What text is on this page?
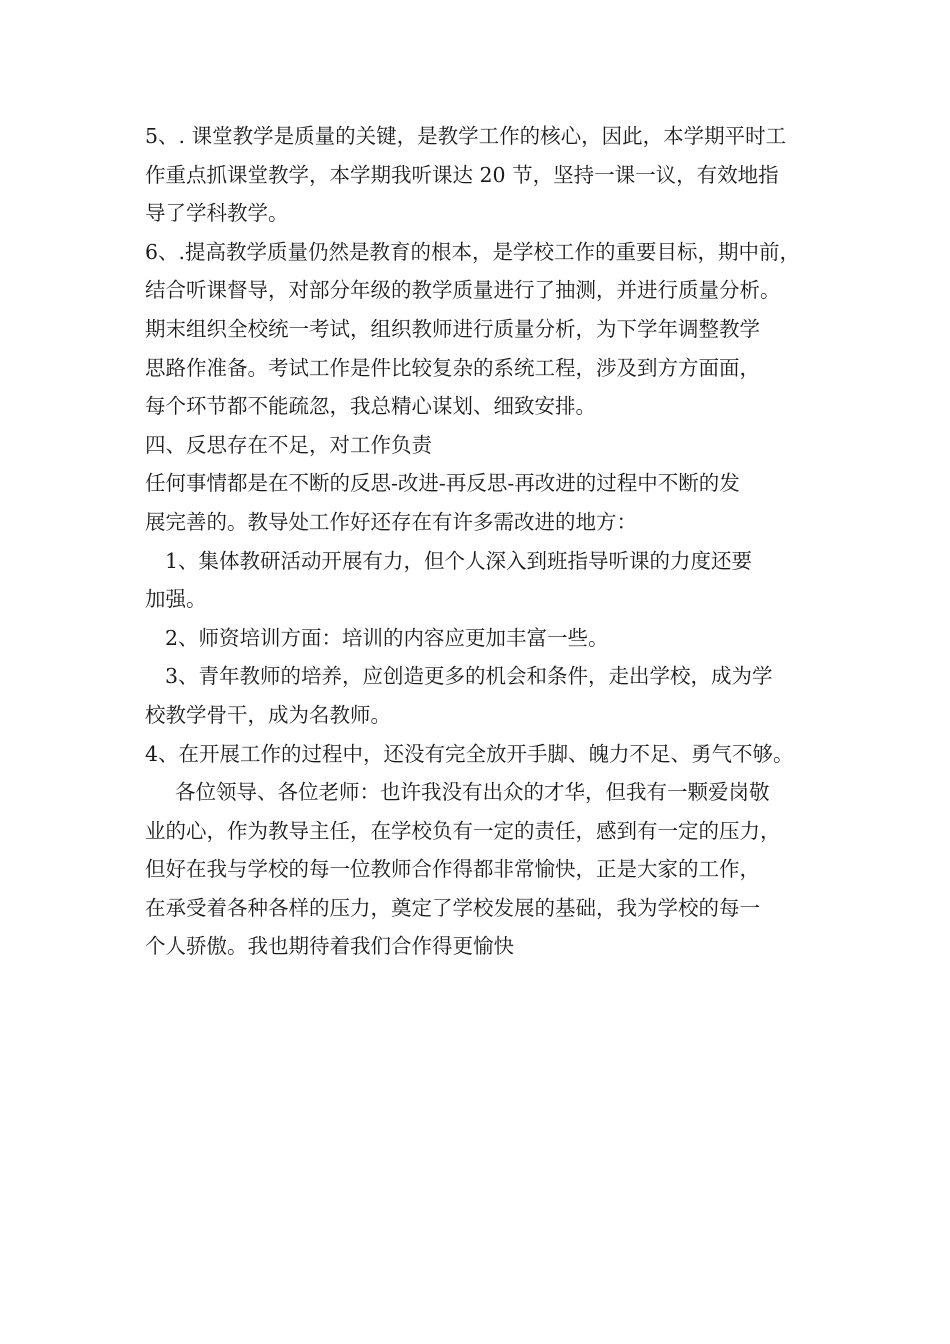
5、. 课堂教学是质量的关键，是教学工作的核心，因此，本学期平时工
作重点抓课堂教学，本学期我听课达 20 节，坚持一课一议，有效地指
导了学科教学。
6、.提高教学质量仍然是教育的根本，是学校工作的重要目标，期中前，
结合听课督导，对部分年级的教学质量进行了抽测，并进行质量分析。
期末组织全校统一考试，组织教师进行质量分析，为下学年调整教学
思路作准备。考试工作是件比较复杂的系统工程，涉及到方方面面，
每个环节都不能疏忽，我总精心谋划、细致安排。
四、反思存在不足，对工作负责
任何事情都是在不断的反思-改进-再反思-再改进的过程中不断的发
展完善的。教导处工作好还存在有许多需改进的地方：
1、集体教研活动开展有力，但个人深入到班指导听课的力度还要
加强。
2、师资培训方面：培训的内容应更加丰富一些。
3、青年教师的培养，应创造更多的机会和条件，走出学校，成为学
校教学骨干，成为名教师。
4、在开展工作的过程中，还没有完全放开手脚、魄力不足、勇气不够。
各位领导、各位老师：也许我没有出众的才华，但我有一颗爱岗敬
业的心，作为教导主任，在学校负有一定的责任，感到有一定的压力，
但好在我与学校的每一位教师合作得都非常愉快，正是大家的工作，
在承受着各种各样的压力，奠定了学校发展的基础，我为学校的每一
个人骄傲。我也期待着我们合作得更愉快
